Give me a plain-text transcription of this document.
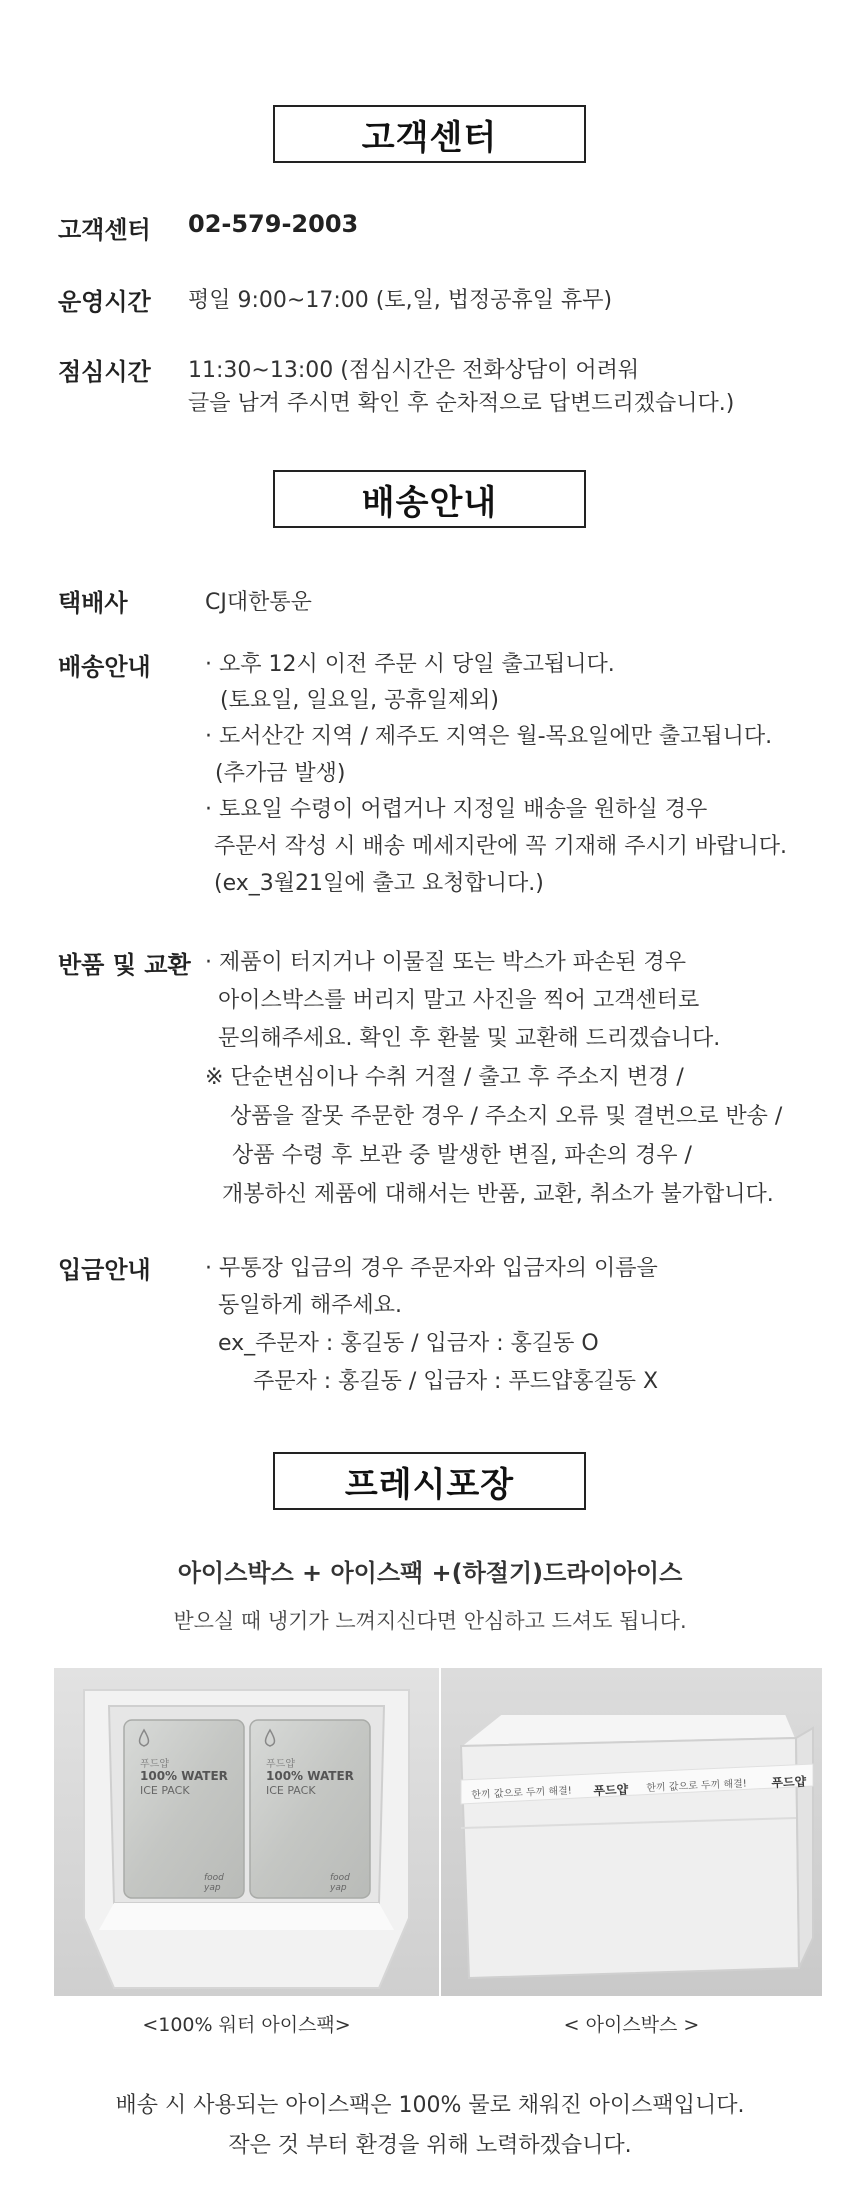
고객센터
고객센터 02-579-2003
운영시간 평일 9:00~17:00 (토,일, 법정공휴일 휴무)
점심시간 11:30~13:00 (점심시간은 전화상담이 어려워
글을 남겨 주시면 확인 후 순차적으로 답변드리겠습니다.)
배송안내
택배사	CJ대한통운
배송안내 · 오후 12시 이전 주문 시 당일 출고됩니다.
(토요일, 일요일, 공휴일제외)
· 도서산간 지역 / 제주도 지역은 월-목요일에만 출고됩니다.
(추가금 발생)
· 토요일 수령이 어렵거나 지정일 배송을 원하실 경우
주문서 작성 시 배송 메세지란에 꼭 기재해 주시기 바랍니다.
(ex_3월21일에 출고 요청합니다.)
반품 및 교환 · 제품이 터지거나 이물질 또는 박스가 파손된 경우
아이스박스를 버리지 말고 사진을 찍어 고객센터로
문의해주세요. 확인 후 환불 및 교환해 드리겠습니다.
※ 단순변심이나 수취 거절 / 출고 후 주소지 변경 /
상품을 잘못 주문한 경우 / 주소지 오류 및 결번으로 반송 /
상품 수령 후 보관 중 발생한 변질, 파손의 경우 /
개봉하신 제품에 대해서는 반품, 교환, 취소가 불가합니다.
입금안내 · 무통장 입금의 경우 주문자와 입금자의 이름을
동일하게 해주세요.
ex_주문자 : 홍길동 / 입금자 : 홍길동 O
주문자 : 홍길동 / 입금자 : 푸드얍홍길동 X
프레시포장
아이스박스 + 아이스팩 +(하절기)드라이아이스
받으실 때 냉기가 느껴지신다면 안심하고 드셔도 됩니다.
푸드얍
100% WATER
ICE PACK
food yap
푸드얍
100% WATER
ICE PACK
food yap
한끼 값으로 두끼 해결! 푸드얍 한끼 값으로 두끼 해결! 푸드얍
<100% 워터 아이스팩>	< 아이스박스 >
배송 시 사용되는 아이스팩은 100% 물로 채워진 아이스팩입니다.
작은 것 부터 환경을 위해 노력하겠습니다.
